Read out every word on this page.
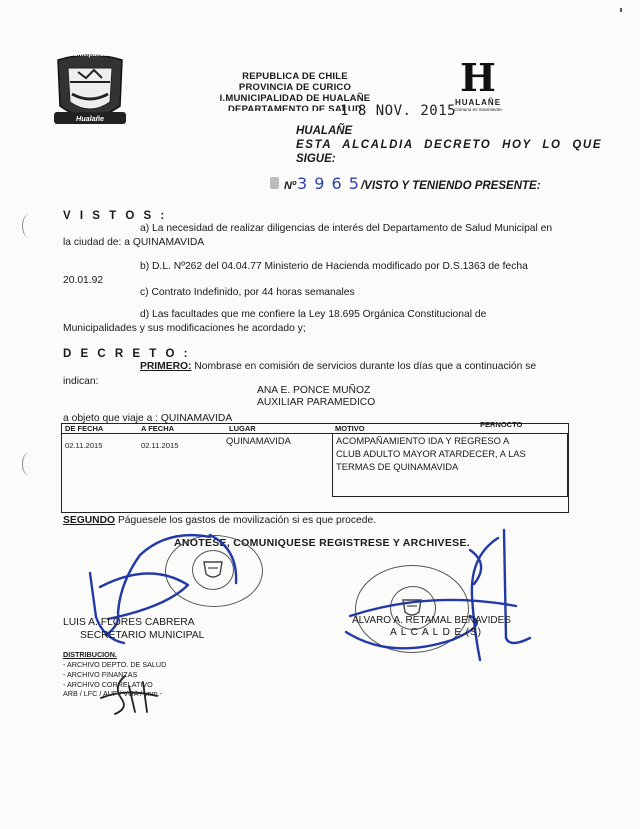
Municipalidad
Hualañe
REPUBLICA DE CHILE
PROVINCIA DE CURICO
I.MUNICIPALIDAD DE HUALAÑE
DEPARTAMENTO DE SALUD
1 8 NOV. 2015
H
HUALAÑE
Comuna en movimiento
HUALAÑE
ESTA ALCALDIA DECRETO HOY LO QUE
SIGUE:
Nº 3 9 6 5 /VISTO Y TENIENDO PRESENTE:
V I S T O S :
a) La necesidad de realizar diligencias de interés del Departamento de Salud Municipal en
la ciudad de: a QUINAMAVIDA
b) D.L. Nº262 del 04.04.77 Ministerio de Hacienda modificado por D.S.1363 de fecha
20.01.92
c) Contrato Indefinido, por 44 horas semanales
d) Las facultades que me confiere la Ley 18.695 Orgánica Constitucional de
Municipalidades y sus modificaciones he acordado y;
D E C R E T O :
PRIMERO: Nombrase en comisión de servicios durante los días que a continuación se
indican:
ANA E. PONCE MUÑOZ
AUXILIAR PARAMEDICO
a objeto que viaje a : QUINAMAVIDA
DE FECHA	A FECHA	LUGAR	MOTIVO	PERNOCTO
02.11.2015	02.11.2015	QUINAMAVIDA	ACOMPAÑAMIENTO IDA Y REGRESO A
CLUB ADULTO MAYOR ATARDECER, A LAS
TERMAS DE QUINAMAVIDA
SEGUNDO Páguesele los gastos de movilización si es que procede.
ANOTESE, COMUNIQUESE REGISTRESE Y ARCHIVESE.
LUIS A. FLORES CABRERA
SECRETARIO MUNICIPAL
ALVARO A. RETAMAL BENAVIDES
A L C A L D E (S)
DISTRIBUCION.
- ARCHIVO DEPTO. DE SALUD
- ARCHIVO FINANZAS
- ARCHIVO CORRELATIVO
ARB / LFC / AUF / VGA / vnm.-
